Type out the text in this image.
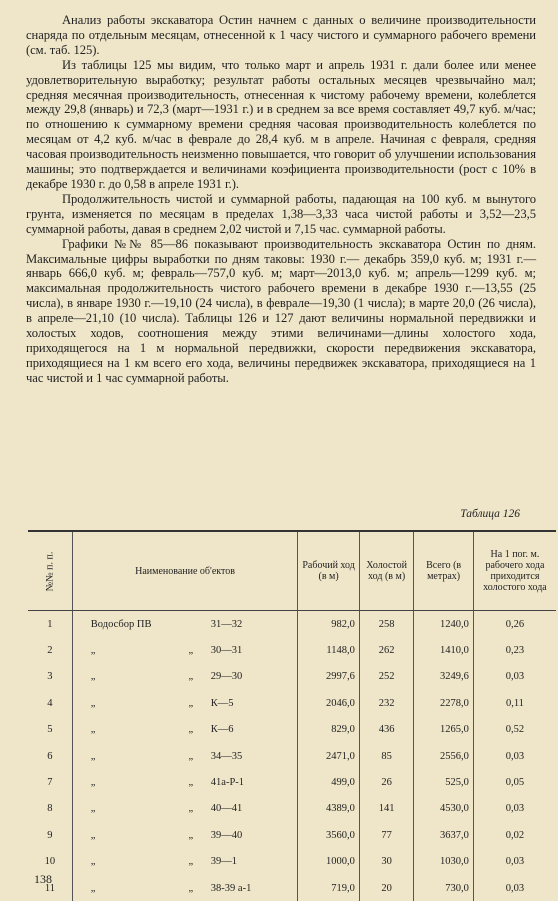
Анализ работы экскаватора Остин начнем с данных о величине производительности снаряда по отдельным месяцам, отнесенной к 1 часу чистого и суммарного рабочего времени (см. таб. 125).

Из таблицы 125 мы видим, что только март и апрель 1931 г. дали более или менее удовлетворительную выработку; результат работы остальных месяцев чрезвычайно мал; средняя месячная производительность, отнесенная к чистому рабочему времени, колеблется между 29,8 (январь) и 72,3 (март—1931 г.) и в среднем за все время составляет 49,7 куб. м/час; по отношению к суммарному времени средняя часовая производительность колеблется по месяцам от 4,2 куб. м/час в феврале до 28,4 куб. м в апреле. Начиная с февраля, средняя часовая производительность неизменно повышается, что говорит об улучшении использования машины; это подтверждается и величинами коэфициента производительности (рост с 10% в декабре 1930 г. до 0,58 в апреле 1931 г.).

Продолжительность чистой и суммарной работы, падающая на 100 куб. м вынутого грунта, изменяется по месяцам в пределах 1,38—3,33 часа чистой работы и 3,52—23,5 суммарной работы, давая в среднем 2,02 чистой и 7,15 час. суммарной работы.

Графики №№ 85—86 показывают производительность экскаватора Остин по дням. Максимальные цифры выработки по дням таковы: 1930 г.— декабрь 359,0 куб. м; 1931 г.—январь 666,0 куб. м; февраль—757,0 куб. м; март—2013,0 куб. м; апрель—1299 куб. м; максимальная продолжительность чистого рабочего времени в декабре 1930 г.—13,55 (25 числа), в январе 1930 г.—19,10 (24 числа), в феврале—19,30 (1 числа); в марте 20,0 (26 числа), в апреле—21,10 (10 числа). Таблицы 126 и 127 дают величины нормальной передвижки и холостых ходов, соотношения между этими величинами—длины холостого хода, приходящегося на 1 м нормальной передвижки, скорости передвижения экскаватора, приходящиеся на 1 км всего его хода, величины передвижек экскаватора, приходящиеся на 1 час чистой и 1 час суммарной работы.

Таблица 126
№№ п. п.	Наименование об'ектов	Рабочий ход (в м)	Холостой ход (в м)	Всего (в метрах)	На 1 пог. м. рабочего хода приходится холостого хода
1	Водосбор ПВ 31—32	982,0	258	1240,0	0,26
2	„ „ 30—31	1148,0	262	1410,0	0,23
3	„ „ 29—30	2997,6	252	3249,6	0,03
4	„ „ К—5	2046,0	232	2278,0	0,11
5	„ „ К—6	829,0	436	1265,0	0,52
6	„ „ 34—35	2471,0	85	2556,0	0,03
7	„ „ 41а-Р-1	499,0	26	525,0	0,05
8	„ „ 40—41	4389,0	141	4530,0	0,03
9	„ „ 39—40	3560,0	77	3637,0	0,02
10	„ „ 39—1	1000,0	30	1030,0	0,03
11	„ „ 38-39 а-1	719,0	20	730,0	0,03
138
